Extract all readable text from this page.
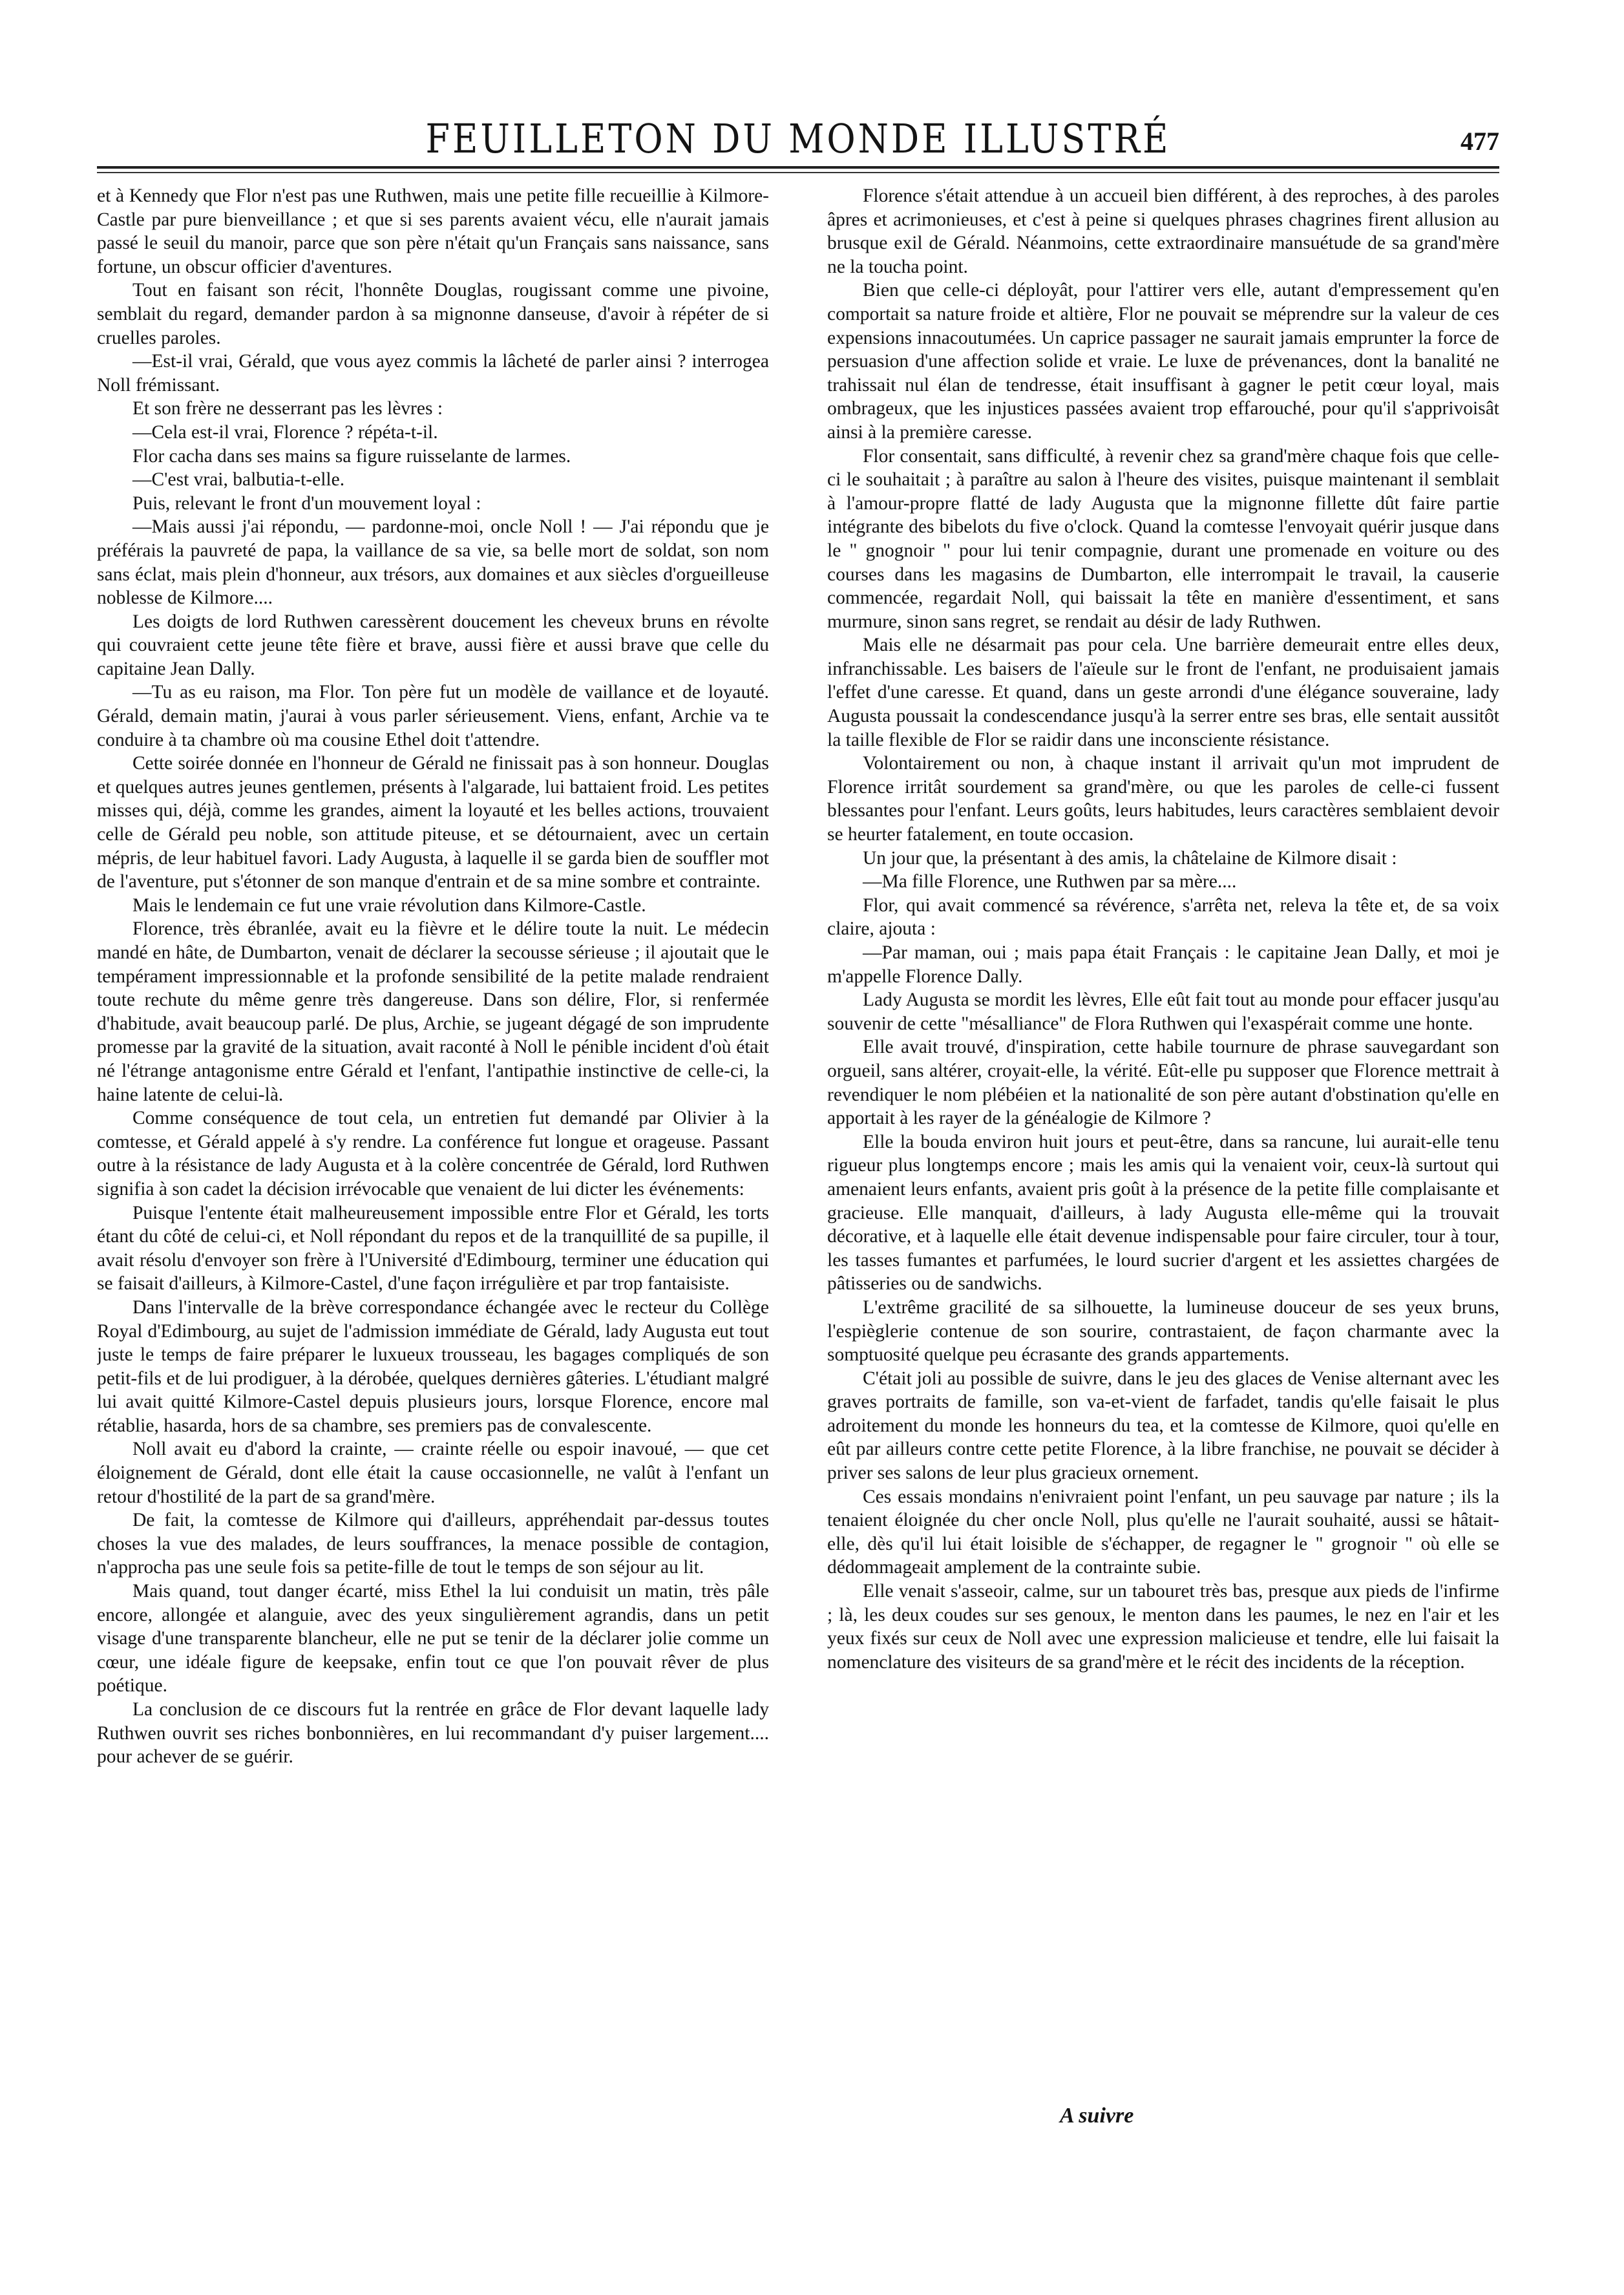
FEUILLETON DU MONDE ILLUSTRÉ	477

et à Kennedy que Flor n'est pas une Ruthwen, mais une petite fille recueillie à Kilmore-Castle par pure bienveillance ; et que si ses parents avaient vécu, elle n'aurait jamais passé le seuil du manoir, parce que son père n'était qu'un Français sans naissance, sans fortune, un obscur officier d'aventures.

Tout en faisant son récit, l'honnête Douglas, rougissant comme une pivoine, semblait du regard, demander pardon à sa mignonne danseuse, d'avoir à répéter de si cruelles paroles.

—Est-il vrai, Gérald, que vous ayez commis la lâcheté de parler ainsi ? interrogea Noll frémissant.

Et son frère ne desserrant pas les lèvres :

—Cela est-il vrai, Florence ? répéta-t-il.

Flor cacha dans ses mains sa figure ruisselante de larmes.

—C'est vrai, balbutia-t-elle.

Puis, relevant le front d'un mouvement loyal :

—Mais aussi j'ai répondu, — pardonne-moi, oncle Noll ! — J'ai répondu que je préférais la pauvreté de papa, la vaillance de sa vie, sa belle mort de soldat, son nom sans éclat, mais plein d'honneur, aux trésors, aux domaines et aux siècles d'orgueilleuse noblesse de Kilmore....

Les doigts de lord Ruthwen caressèrent doucement les cheveux bruns en révolte qui couvraient cette jeune tête fière et brave, aussi fière et aussi brave que celle du capitaine Jean Dally.

—Tu as eu raison, ma Flor. Ton père fut un modèle de vaillance et de loyauté. Gérald, demain matin, j'aurai à vous parler sérieusement. Viens, enfant, Archie va te conduire à ta chambre où ma cousine Ethel doit t'attendre.

Cette soirée donnée en l'honneur de Gérald ne finissait pas à son honneur. Douglas et quelques autres jeunes gentlemen, présents à l'algarade, lui battaient froid. Les petites misses qui, déjà, comme les grandes, aiment la loyauté et les belles actions, trouvaient celle de Gérald peu noble, son attitude piteuse, et se détournaient, avec un certain mépris, de leur habituel favori. Lady Augusta, à laquelle il se garda bien de souffler mot de l'aventure, put s'étonner de son manque d'entrain et de sa mine sombre et contrainte.

Mais le lendemain ce fut une vraie révolution dans Kilmore-Castle.

Florence, très ébranlée, avait eu la fièvre et le délire toute la nuit. Le médecin mandé en hâte, de Dumbarton, venait de déclarer la secousse sérieuse ; il ajoutait que le tempérament impressionnable et la profonde sensibilité de la petite malade rendraient toute rechute du même genre très dangereuse. Dans son délire, Flor, si renfermée d'habitude, avait beaucoup parlé. De plus, Archie, se jugeant dégagé de son imprudente promesse par la gravité de la situation, avait raconté à Noll le pénible incident d'où était né l'étrange antagonisme entre Gérald et l'enfant, l'antipathie instinctive de celle-ci, la haine latente de celui-là.

Comme conséquence de tout cela, un entretien fut demandé par Olivier à la comtesse, et Gérald appelé à s'y rendre. La conférence fut longue et orageuse. Passant outre à la résistance de lady Augusta et à la colère concentrée de Gérald, lord Ruthwen signifia à son cadet la décision irrévocable que venaient de lui dicter les événements:

Puisque l'entente était malheureusement impossible entre Flor et Gérald, les torts étant du côté de celui-ci, et Noll répondant du repos et de la tranquillité de sa pupille, il avait résolu d'envoyer son frère à l'Université d'Edimbourg, terminer une éducation qui se faisait d'ailleurs, à Kilmore-Castel, d'une façon irrégulière et par trop fantaisiste.

Dans l'intervalle de la brève correspondance échangée avec le recteur du Collège Royal d'Edimbourg, au sujet de l'admission immédiate de Gérald, lady Augusta eut tout juste le temps de faire préparer le luxueux trousseau, les bagages compliqués de son petit-fils et de lui prodiguer, à la dérobée, quelques dernières gâteries. L'étudiant malgré lui avait quitté Kilmore-Castel depuis plusieurs jours, lorsque Florence, encore mal rétablie, hasarda, hors de sa chambre, ses premiers pas de convalescente.

Noll avait eu d'abord la crainte, — crainte réelle ou espoir inavoué, — que cet éloignement de Gérald, dont elle était la cause occasionnelle, ne valût à l'enfant un retour d'hostilité de la part de sa grand'mère.

De fait, la comtesse de Kilmore qui d'ailleurs, appréhendait par-dessus toutes choses la vue des malades, de leurs souffrances, la menace possible de contagion, n'approcha pas une seule fois sa petite-fille de tout le temps de son séjour au lit.

Mais quand, tout danger écarté, miss Ethel la lui conduisit un matin, très pâle encore, allongée et alanguie, avec des yeux singulièrement agrandis, dans un petit visage d'une transparente blancheur, elle ne put se tenir de la déclarer jolie comme un cœur, une idéale figure de keepsake, enfin tout ce que l'on pouvait rêver de plus poétique.

La conclusion de ce discours fut la rentrée en grâce de Flor devant laquelle lady Ruthwen ouvrit ses riches bonbonnières, en lui recommandant d'y puiser largement.... pour achever de se guérir.

Florence s'était attendue à un accueil bien différent, à des reproches, à des paroles âpres et acrimonieuses, et c'est à peine si quelques phrases chagrines firent allusion au brusque exil de Gérald. Néanmoins, cette extraordinaire mansuétude de sa grand'mère ne la toucha point.

Bien que celle-ci déployât, pour l'attirer vers elle, autant d'empressement qu'en comportait sa nature froide et altière, Flor ne pouvait se méprendre sur la valeur de ces expensions innacoutumées. Un caprice passager ne saurait jamais emprunter la force de persuasion d'une affection solide et vraie. Le luxe de prévenances, dont la banalité ne trahissait nul élan de tendresse, était insuffisant à gagner le petit cœur loyal, mais ombrageux, que les injustices passées avaient trop effarouché, pour qu'il s'apprivoisât ainsi à la première caresse.

Flor consentait, sans difficulté, à revenir chez sa grand'mère chaque fois que celle-ci le souhaitait ; à paraître au salon à l'heure des visites, puisque maintenant il semblait à l'amour-propre flatté de lady Augusta que la mignonne fillette dût faire partie intégrante des bibelots du five o'clock. Quand la comtesse l'envoyait quérir jusque dans le " gnognoir " pour lui tenir compagnie, durant une promenade en voiture ou des courses dans les magasins de Dumbarton, elle interrompait le travail, la causerie commencée, regardait Noll, qui baissait la tête en manière d'essentiment, et sans murmure, sinon sans regret, se rendait au désir de lady Ruthwen.

Mais elle ne désarmait pas pour cela. Une barrière demeurait entre elles deux, infranchissable. Les baisers de l'aïeule sur le front de l'enfant, ne produisaient jamais l'effet d'une caresse. Et quand, dans un geste arrondi d'une élégance souveraine, lady Augusta poussait la condescendance jusqu'à la serrer entre ses bras, elle sentait aussitôt la taille flexible de Flor se raidir dans une inconsciente résistance.

Volontairement ou non, à chaque instant il arrivait qu'un mot imprudent de Florence irritât sourdement sa grand'mère, ou que les paroles de celle-ci fussent blessantes pour l'enfant. Leurs goûts, leurs habitudes, leurs caractères semblaient devoir se heurter fatalement, en toute occasion.

Un jour que, la présentant à des amis, la châtelaine de Kilmore disait :

—Ma fille Florence, une Ruthwen par sa mère....

Flor, qui avait commencé sa révérence, s'arrêta net, releva la tête et, de sa voix claire, ajouta :

—Par maman, oui ; mais papa était Français : le capitaine Jean Dally, et moi je m'appelle Florence Dally.

Lady Augusta se mordit les lèvres, Elle eût fait tout au monde pour effacer jusqu'au souvenir de cette "mésalliance" de Flora Ruthwen qui l'exaspérait comme une honte.

Elle avait trouvé, d'inspiration, cette habile tournure de phrase sauvegardant son orgueil, sans altérer, croyait-elle, la vérité. Eût-elle pu supposer que Florence mettrait à revendiquer le nom plébéien et la nationalité de son père autant d'obstination qu'elle en apportait à les rayer de la généalogie de Kilmore ?

Elle la bouda environ huit jours et peut-être, dans sa rancune, lui aurait-elle tenu rigueur plus longtemps encore ; mais les amis qui la venaient voir, ceux-là surtout qui amenaient leurs enfants, avaient pris goût à la présence de la petite fille complaisante et gracieuse. Elle manquait, d'ailleurs, à lady Augusta elle-même qui la trouvait décorative, et à laquelle elle était devenue indispensable pour faire circuler, tour à tour, les tasses fumantes et parfumées, le lourd sucrier d'argent et les assiettes chargées de pâtisseries ou de sandwichs.

L'extrême gracilité de sa silhouette, la lumineuse douceur de ses yeux bruns, l'espièglerie contenue de son sourire, contrastaient, de façon charmante avec la somptuosité quelque peu écrasante des grands appartements.

C'était joli au possible de suivre, dans le jeu des glaces de Venise alternant avec les graves portraits de famille, son va-et-vient de farfadet, tandis qu'elle faisait le plus adroitement du monde les honneurs du tea, et la comtesse de Kilmore, quoi qu'elle en eût par ailleurs contre cette petite Florence, à la libre franchise, ne pouvait se décider à priver ses salons de leur plus gracieux ornement.

Ces essais mondains n'enivraient point l'enfant, un peu sauvage par nature ; ils la tenaient éloignée du cher oncle Noll, plus qu'elle ne l'aurait souhaité, aussi se hâtait-elle, dès qu'il lui était loisible de s'échapper, de regagner le " grognoir " où elle se dédommageait amplement de la contrainte subie.

Elle venait s'asseoir, calme, sur un tabouret très bas, presque aux pieds de l'infirme ; là, les deux coudes sur ses genoux, le menton dans les paumes, le nez en l'air et les yeux fixés sur ceux de Noll avec une expression malicieuse et tendre, elle lui faisait la nomenclature des visiteurs de sa grand'mère et le récit des incidents de la réception.

A suivre
